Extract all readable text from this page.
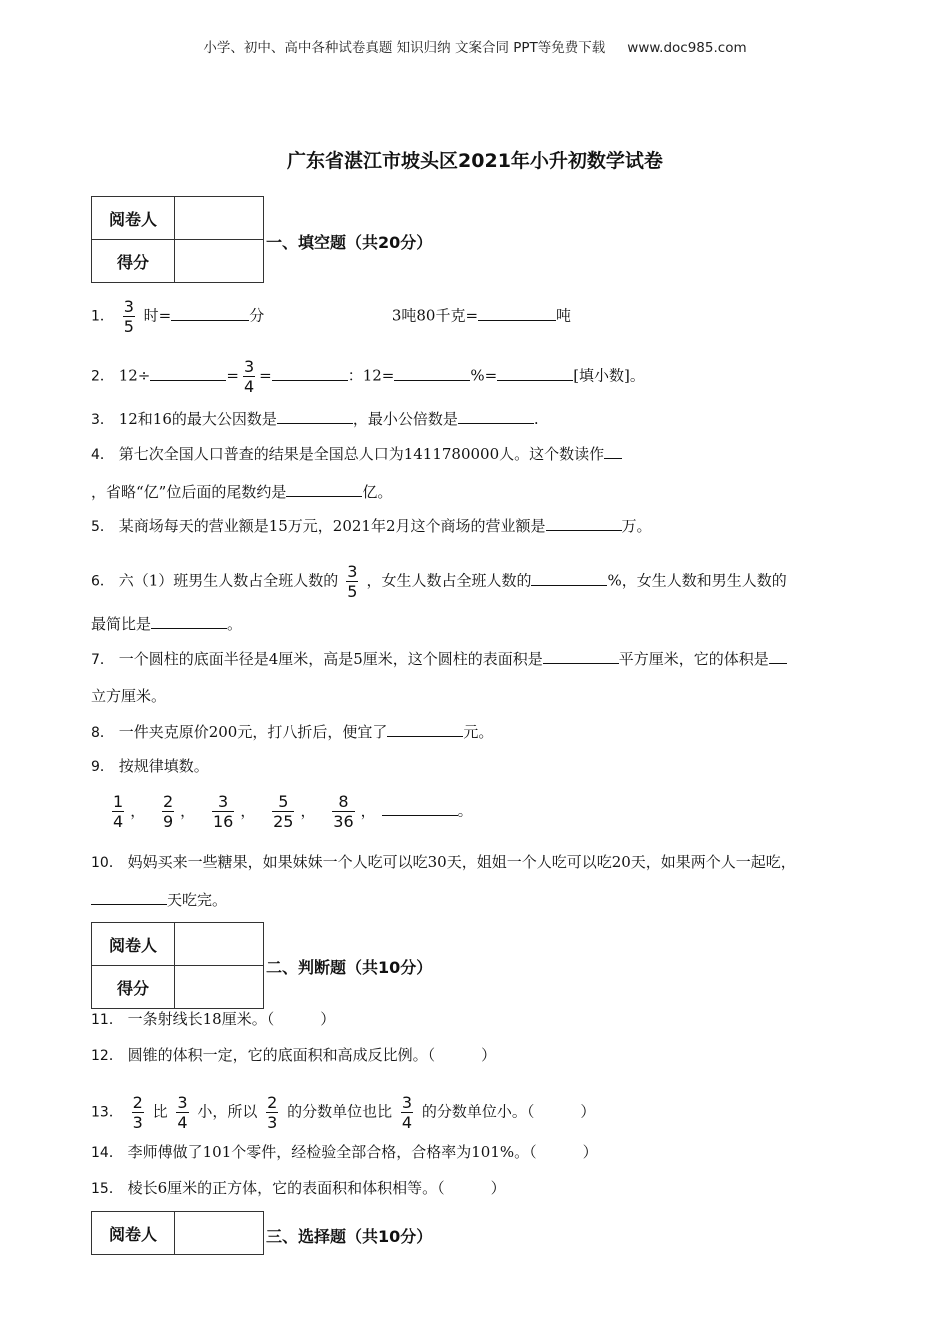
小学、初中、高中各种试卷真题 知识归纳 文案合同 PPT等免费下载 www.doc985.com
广东省湛江市坡头区2021年小升初数学试卷
阅卷人	
得分	
一、填空题（共20分）
1． $\frac{3}{5}$ 时=	分	3吨80千克=	吨
2． 12÷	= $\frac{3}{4}$ =	：12=	%=	[填小数]。
3． 12和16的最大公因数是	，最小公倍数是	.
4． 第七次全国人口普查的结果是全国总人口为1411780000人。这个数读作
，省略“亿”位后面的尾数约是	亿。
5． 某商场每天的营业额是15万元，2021年2月这个商场的营业额是	万。
6． 六（1）班男生人数占全班人数的 $\frac{3}{5}$ ，女生人数占全班人数的	%，女生人数和男生人数的
最简比是	。
7． 一个圆柱的底面半径是4厘米，高是5厘米，这个圆柱的表面积是	平方厘米，它的体积是
立方厘米。
8． 一件夹克原价200元，打八折后，便宜了	元。
9． 按规律填数。
$\frac{1}{4}$ ， $\frac{2}{9}$ ， $\frac{3}{16}$ ， $\frac{5}{25}$ ， $\frac{8}{36}$ ，	。
10． 妈妈买来一些糖果，如果妹妹一个人吃可以吃30天，姐姐一个人吃可以吃20天，如果两个人一起吃，
天吃完。
阅卷人	
得分	
二、判断题（共10分）
11． 一条射线长18厘米。（	）
12． 圆锥的体积一定，它的底面积和高成反比例。（	）
13． $\frac{2}{3}$ 比 $\frac{3}{4}$ 小，所以 $\frac{2}{3}$ 的分数单位也比 $\frac{3}{4}$ 的分数单位小。（	）
14． 李师傅做了101个零件，经检验全部合格，合格率为101%。（	）
15． 棱长6厘米的正方体，它的表面积和体积相等。（	）
阅卷人		三、选择题（共10分）
